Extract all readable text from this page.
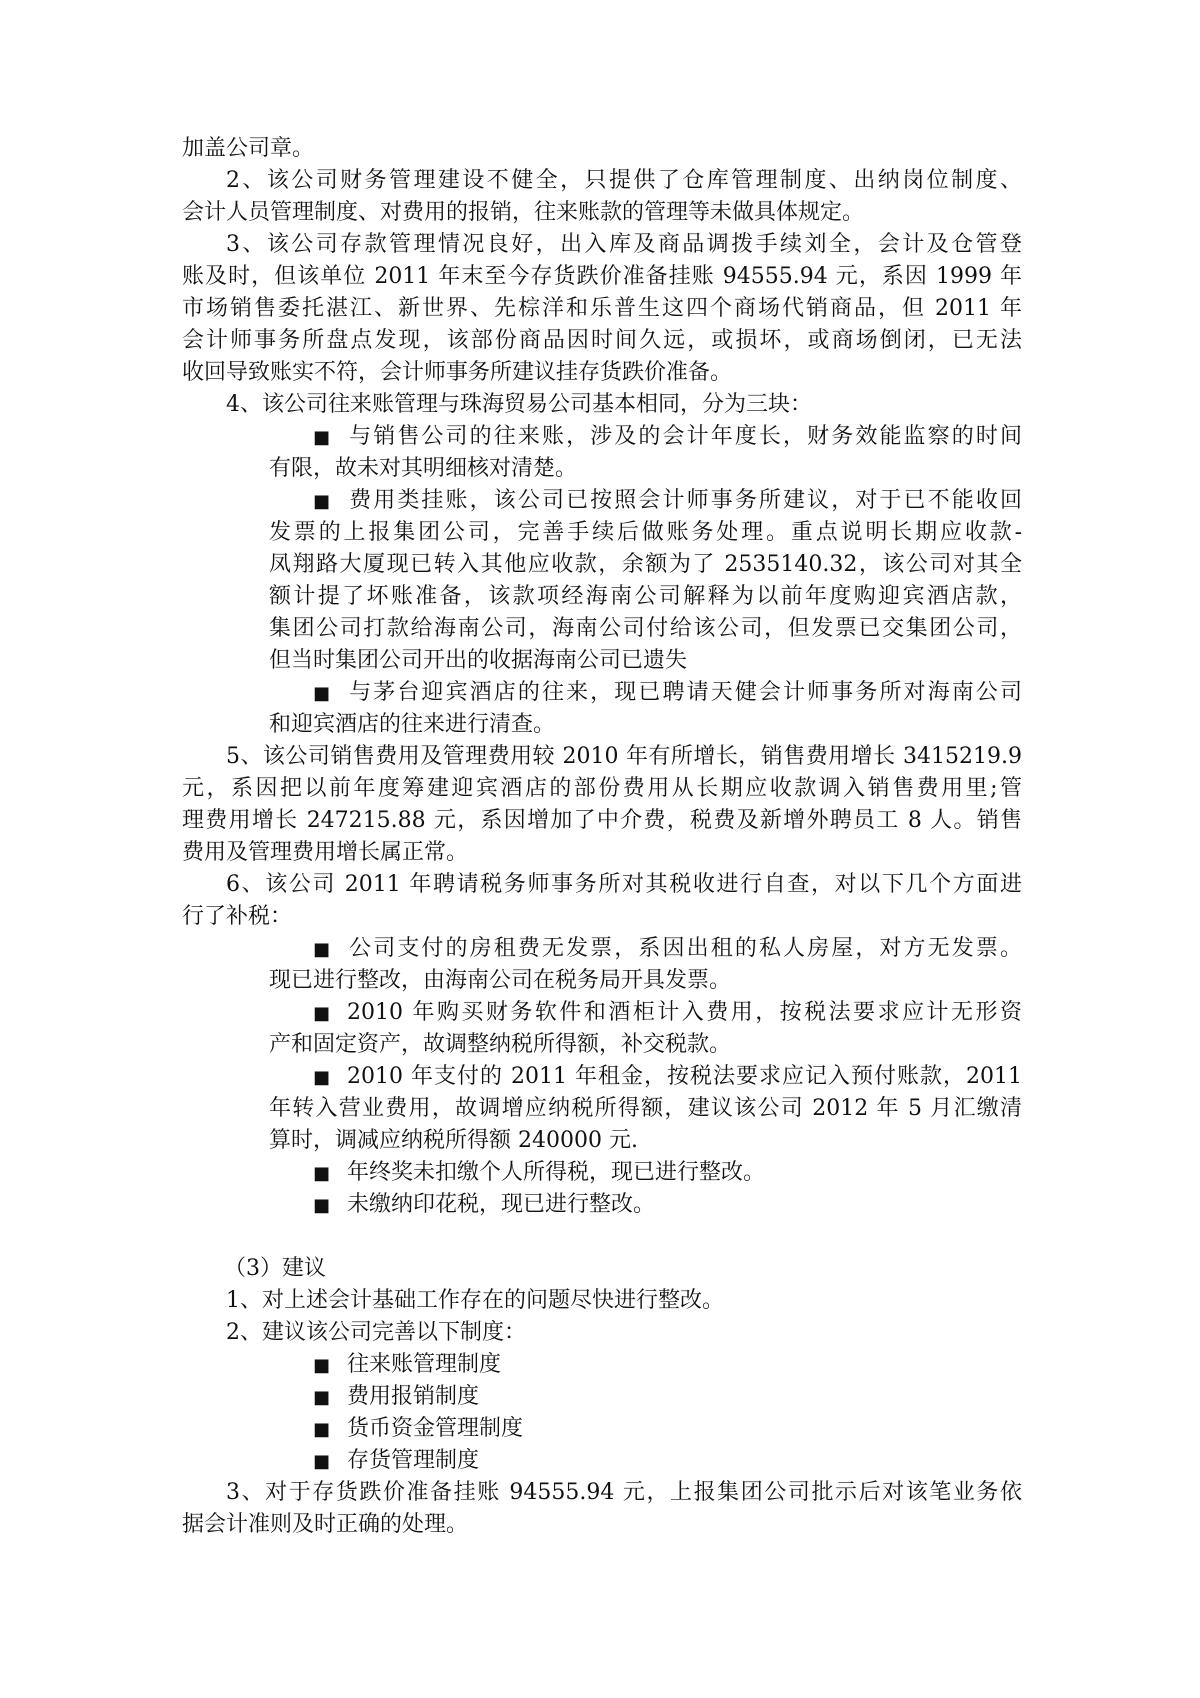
加盖公司章。
2、该公司财务管理建设不健全，只提供了仓库管理制度、出纳岗位制度、
会计人员管理制度、对费用的报销，往来账款的管理等未做具体规定。
3、该公司存款管理情况良好，出入库及商品调拨手续刘全，会计及仓管登
账及时，但该单位 2011 年末至今存货跌价准备挂账 94555.94 元，系因 1999 年
市场销售委托湛江、新世界、先棕洋和乐普生这四个商场代销商品，但 2011 年
会计师事务所盘点发现，该部份商品因时间久远，或损坏，或商场倒闭，已无法
收回导致账实不符，会计师事务所建议挂存货跌价准备。
4、该公司往来账管理与珠海贸易公司基本相同，分为三块：
■ 与销售公司的往来账，涉及的会计年度长，财务效能监察的时间
有限，故未对其明细核对清楚。
■ 费用类挂账，该公司已按照会计师事务所建议，对于已不能收回
发票的上报集团公司，完善手续后做账务处理。重点说明长期应收款-
凤翔路大厦现已转入其他应收款，余额为了 2535140.32，该公司对其全
额计提了坏账准备，该款项经海南公司解释为以前年度购迎宾酒店款，
集团公司打款给海南公司，海南公司付给该公司，但发票已交集团公司，
但当时集团公司开出的收据海南公司已遗失
■ 与茅台迎宾酒店的往来，现已聘请天健会计师事务所对海南公司
和迎宾酒店的往来进行清查。
5、该公司销售费用及管理费用较 2010 年有所增长，销售费用增长 3415219.9
元，系因把以前年度筹建迎宾酒店的部份费用从长期应收款调入销售费用里;管
理费用增长 247215.88 元，系因增加了中介费，税费及新增外聘员工 8 人。销售
费用及管理费用增长属正常。
6、该公司 2011 年聘请税务师事务所对其税收进行自查，对以下几个方面进
行了补税：
■ 公司支付的房租费无发票，系因出租的私人房屋，对方无发票。
现已进行整改，由海南公司在税务局开具发票。
■ 2010 年购买财务软件和酒柜计入费用，按税法要求应计无形资
产和固定资产，故调整纳税所得额，补交税款。
■ 2010 年支付的 2011 年租金，按税法要求应记入预付账款，2011
年转入营业费用，故调增应纳税所得额，建议该公司 2012 年 5 月汇缴清
算时，调减应纳税所得额 240000 元.
■ 年终奖未扣缴个人所得税，现已进行整改。
■ 未缴纳印花税，现已进行整改。
（3）建议
1、对上述会计基础工作存在的问题尽快进行整改。
2、建议该公司完善以下制度：
■ 往来账管理制度
■ 费用报销制度
■ 货币资金管理制度
■ 存货管理制度
3、对于存货跌价准备挂账 94555.94 元，上报集团公司批示后对该笔业务依
据会计准则及时正确的处理。
